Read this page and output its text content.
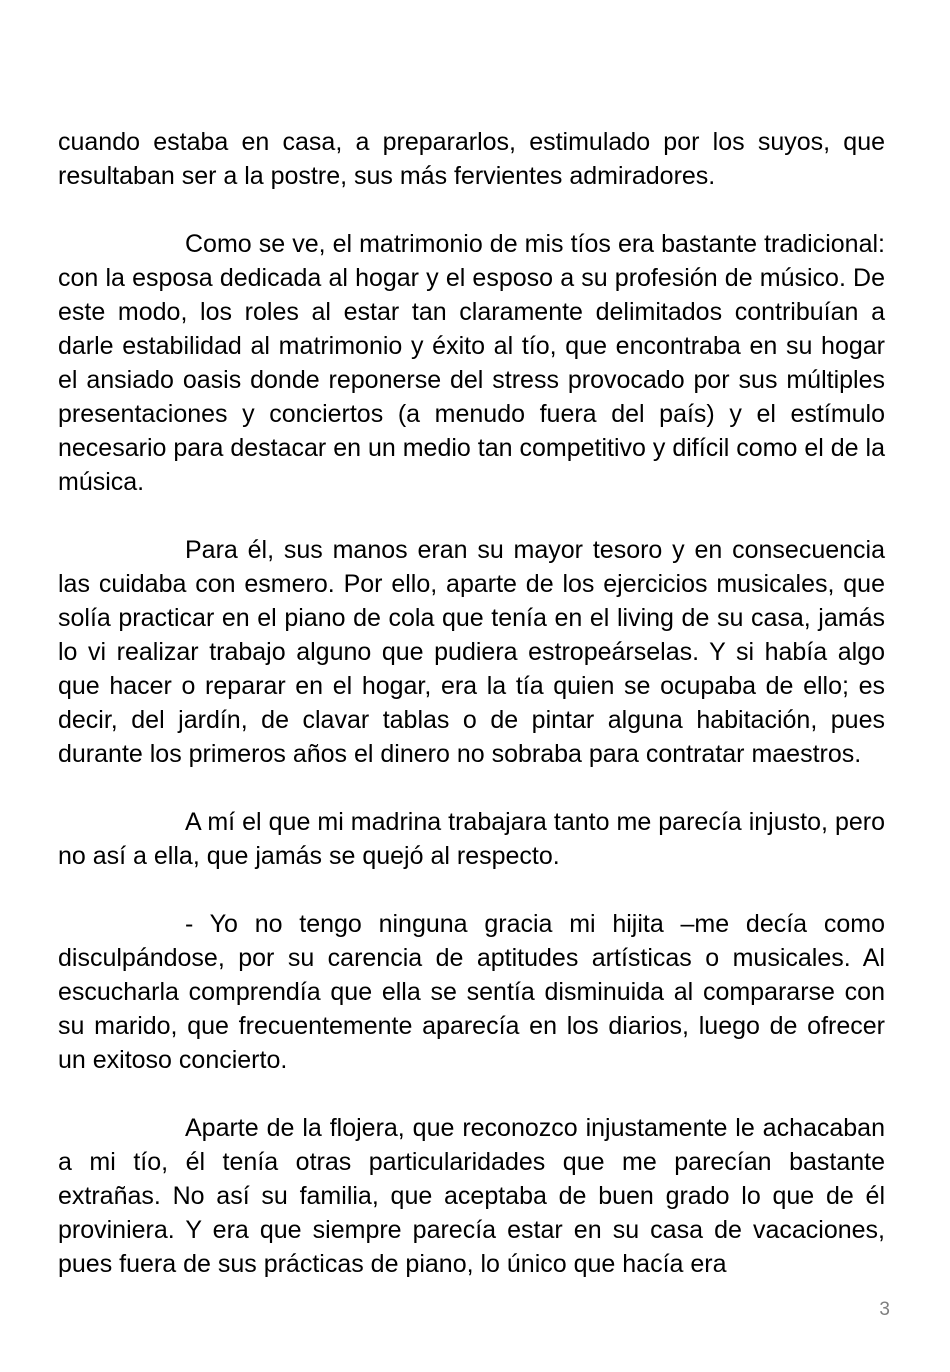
cuando estaba en casa, a prepararlos, estimulado por los suyos, que resultaban ser a la postre, sus más fervientes admiradores.

Como se ve, el matrimonio de mis tíos era bastante tradicional: con la esposa dedicada al hogar y el esposo a su profesión de músico. De este modo, los roles al estar tan claramente delimitados contribuían a darle estabilidad al matrimonio y éxito al tío, que encontraba en su hogar el ansiado oasis donde reponerse del stress provocado por sus múltiples presentaciones y conciertos (a menudo fuera del país) y el estímulo necesario para destacar en un medio tan competitivo y difícil como el de la música.

Para él, sus manos eran su mayor tesoro y en consecuencia las cuidaba con esmero. Por ello, aparte de los ejercicios musicales, que solía practicar en el piano de cola que tenía en el living de su casa, jamás lo vi realizar trabajo alguno que pudiera estropeárselas. Y si había algo que hacer o reparar en el hogar, era la tía quien se ocupaba de ello; es decir, del jardín, de clavar tablas o de pintar alguna habitación, pues durante los primeros años el dinero no sobraba para contratar maestros.

A mí el que mi madrina trabajara tanto me parecía injusto, pero no así a ella, que jamás se quejó al respecto.

- Yo no tengo ninguna gracia mi hijita –me decía como disculpándose, por su carencia de aptitudes artísticas o musicales. Al escucharla comprendía que ella se sentía disminuida al compararse con su marido, que frecuentemente aparecía en los diarios, luego de ofrecer un exitoso concierto.

Aparte de la flojera, que reconozco injustamente le achacaban a mi tío, él tenía otras particularidades que me parecían bastante extrañas. No así su familia, que aceptaba de buen grado lo que de él proviniera. Y era que siempre parecía estar en su casa de vacaciones, pues fuera de sus prácticas de piano, lo único que hacía era

3
